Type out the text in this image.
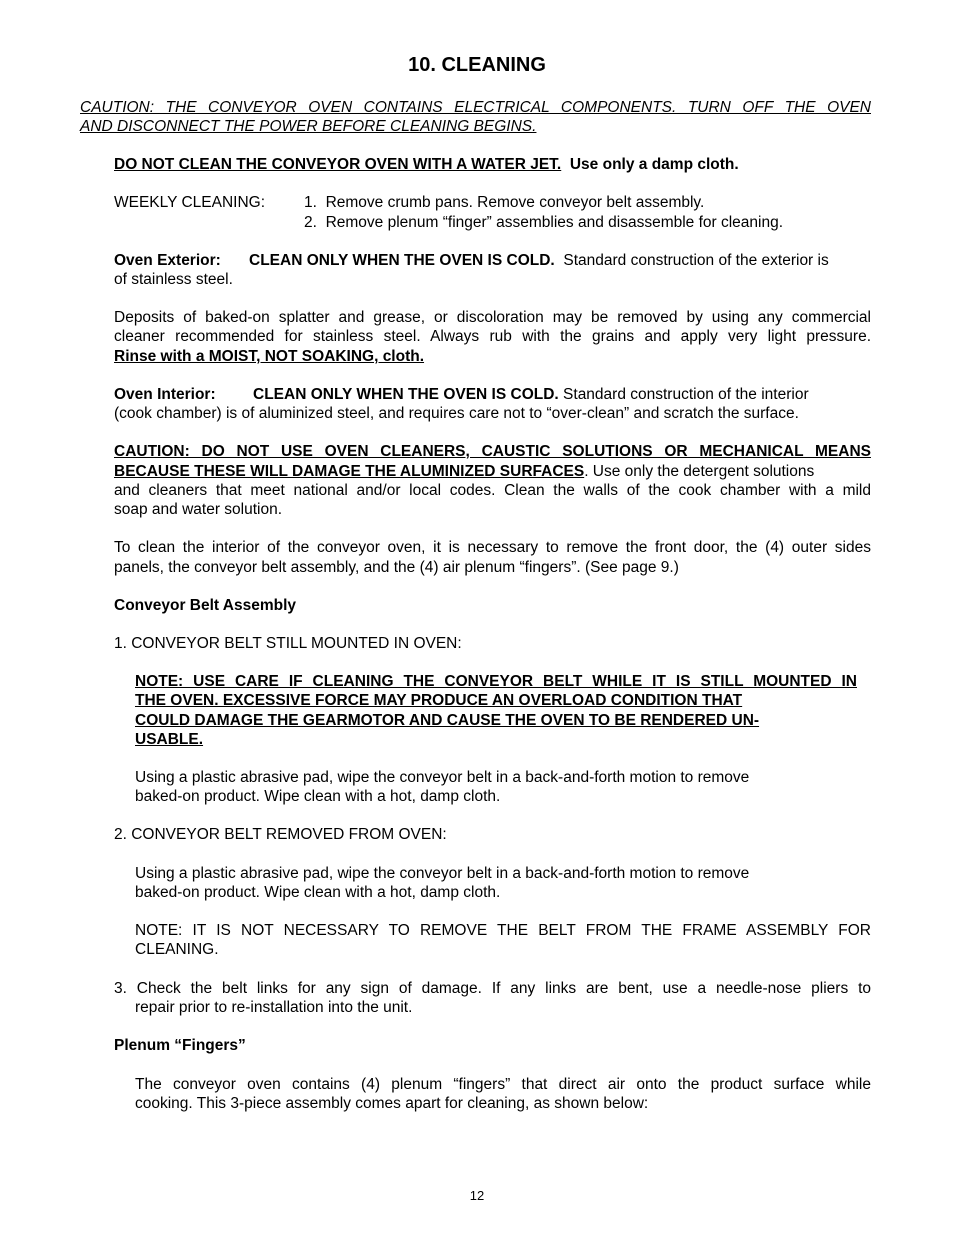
10. CLEANING
CAUTION: THE CONVEYOR OVEN CONTAINS ELECTRICAL COMPONENTS. TURN OFF THE OVEN
AND DISCONNECT THE POWER BEFORE CLEANING BEGINS.
DO NOT CLEAN THE CONVEYOR OVEN WITH A WATER JET. Use only a damp cloth.
WEEKLY CLEANING:	1. Remove crumb pans. Remove conveyor belt assembly.
2. Remove plenum “finger” assemblies and disassemble for cleaning.
Oven Exterior: CLEAN ONLY WHEN THE OVEN IS COLD. Standard construction of the exterior is
of stainless steel.
Deposits of baked-on splatter and grease, or discoloration may be removed by using any commercial
cleaner recommended for stainless steel. Always rub with the grains and apply very light pressure.
Rinse with a MOIST, NOT SOAKING, cloth.
Oven Interior: CLEAN ONLY WHEN THE OVEN IS COLD. Standard construction of the interior
(cook chamber) is of aluminized steel, and requires care not to “over-clean” and scratch the surface.
CAUTION: DO NOT USE OVEN CLEANERS, CAUSTIC SOLUTIONS OR MECHANICAL MEANS
BECAUSE THESE WILL DAMAGE THE ALUMINIZED SURFACES. Use only the detergent solutions
and cleaners that meet national and/or local codes. Clean the walls of the cook chamber with a mild
soap and water solution.
To clean the interior of the conveyor oven, it is necessary to remove the front door, the (4) outer sides
panels, the conveyor belt assembly, and the (4) air plenum “fingers”. (See page 9.)
Conveyor Belt Assembly
1. CONVEYOR BELT STILL MOUNTED IN OVEN:
NOTE: USE CARE IF CLEANING THE CONVEYOR BELT WHILE IT IS STILL MOUNTED IN
THE OVEN. EXCESSIVE FORCE MAY PRODUCE AN OVERLOAD CONDITION THAT
COULD DAMAGE THE GEARMOTOR AND CAUSE THE OVEN TO BE RENDERED UN-
USABLE.
Using a plastic abrasive pad, wipe the conveyor belt in a back-and-forth motion to remove
baked-on product. Wipe clean with a hot, damp cloth.
2. CONVEYOR BELT REMOVED FROM OVEN:
Using a plastic abrasive pad, wipe the conveyor belt in a back-and-forth motion to remove
baked-on product. Wipe clean with a hot, damp cloth.
NOTE: IT IS NOT NECESSARY TO REMOVE THE BELT FROM THE FRAME ASSEMBLY FOR
CLEANING.
3. Check the belt links for any sign of damage. If any links are bent, use a needle-nose pliers to
repair prior to re-installation into the unit.
Plenum “Fingers”
The conveyor oven contains (4) plenum “fingers” that direct air onto the product surface while
cooking. This 3-piece assembly comes apart for cleaning, as shown below:
12
